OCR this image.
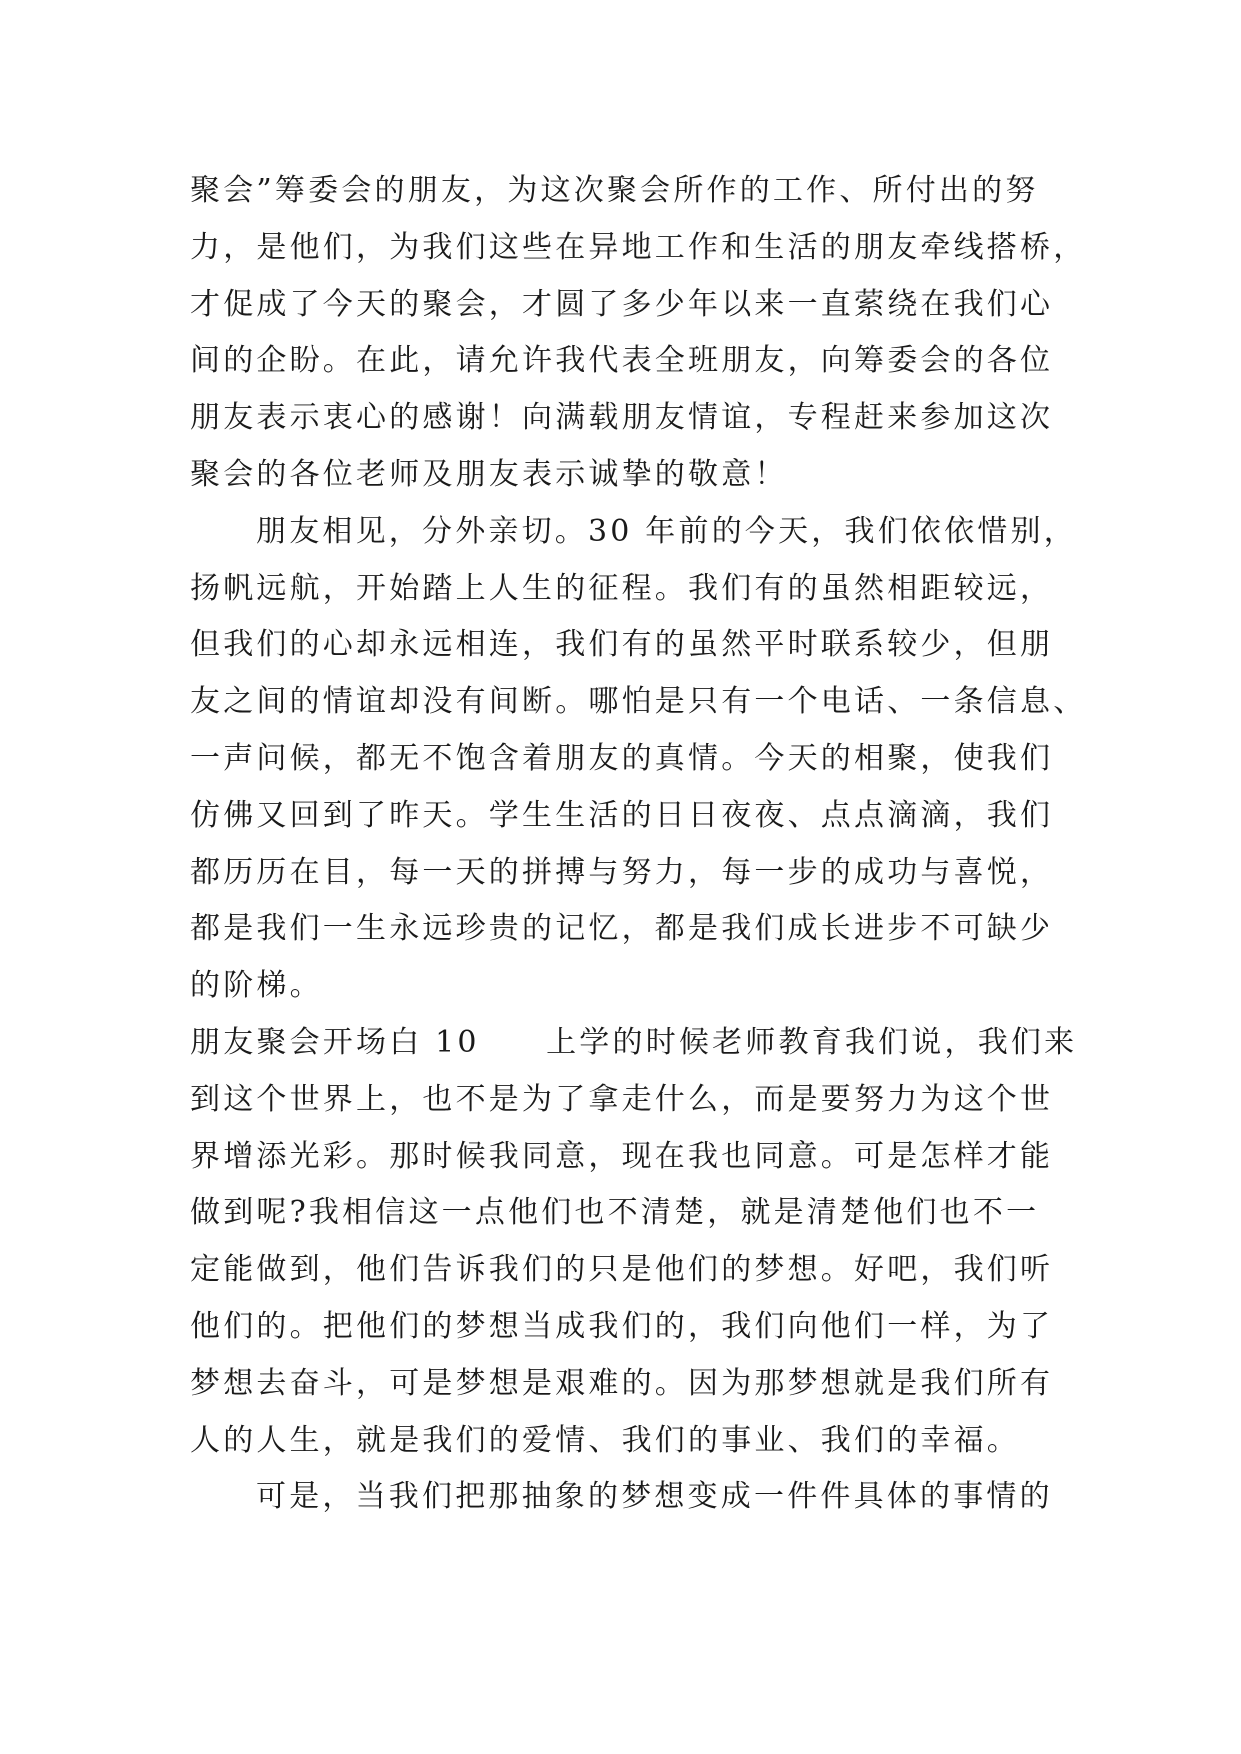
聚会”筹委会的朋友，为这次聚会所作的工作、所付出的努
力，是他们，为我们这些在异地工作和生活的朋友牵线搭桥，
才促成了今天的聚会，才圆了多少年以来一直萦绕在我们心
间的企盼。在此，请允许我代表全班朋友，向筹委会的各位
朋友表示衷心的感谢！向满载朋友情谊，专程赶来参加这次
聚会的各位老师及朋友表示诚挚的敬意！
朋友相见，分外亲切。30 年前的今天，我们依依惜别，
扬帆远航，开始踏上人生的征程。我们有的虽然相距较远，
但我们的心却永远相连，我们有的虽然平时联系较少，但朋
友之间的情谊却没有间断。哪怕是只有一个电话、一条信息、
一声问候，都无不饱含着朋友的真情。今天的相聚，使我们
仿佛又回到了昨天。学生生活的日日夜夜、点点滴滴，我们
都历历在目，每一天的拼搏与努力，每一步的成功与喜悦，
都是我们一生永远珍贵的记忆，都是我们成长进步不可缺少
的阶梯。
朋友聚会开场白 10　　上学的时候老师教育我们说，我们来
到这个世界上，也不是为了拿走什么，而是要努力为这个世
界增添光彩。那时候我同意，现在我也同意。可是怎样才能
做到呢?我相信这一点他们也不清楚，就是清楚他们也不一
定能做到，他们告诉我们的只是他们的梦想。好吧，我们听
他们的。把他们的梦想当成我们的，我们向他们一样，为了
梦想去奋斗，可是梦想是艰难的。因为那梦想就是我们所有
人的人生，就是我们的爱情、我们的事业、我们的幸福。
可是，当我们把那抽象的梦想变成一件件具体的事情的
